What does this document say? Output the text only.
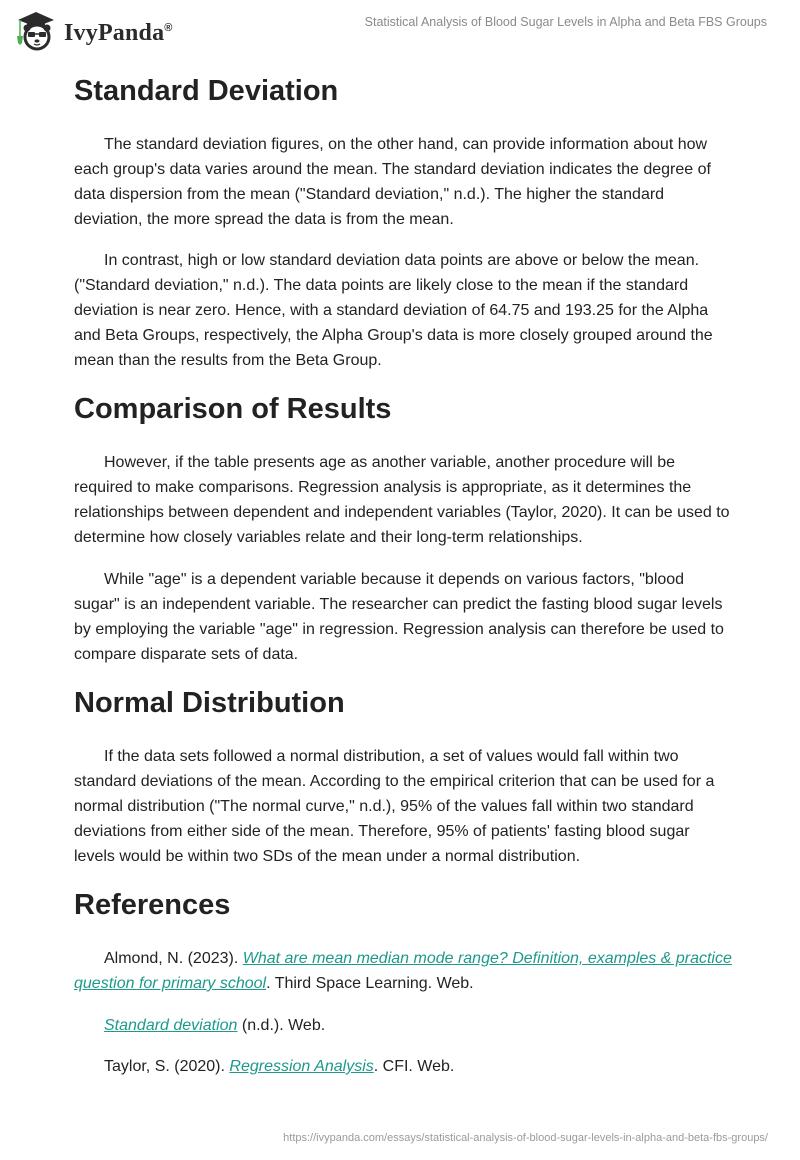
IvyPanda®	Statistical Analysis of Blood Sugar Levels in Alpha and Beta FBS Groups
Standard Deviation

The standard deviation figures, on the other hand, can provide information about how each group's data varies around the mean. The standard deviation indicates the degree of data dispersion from the mean ("Standard deviation," n.d.). The higher the standard deviation, the more spread the data is from the mean.

In contrast, high or low standard deviation data points are above or below the mean. ("Standard deviation," n.d.). The data points are likely close to the mean if the standard deviation is near zero. Hence, with a standard deviation of 64.75 and 193.25 for the Alpha and Beta Groups, respectively, the Alpha Group's data is more closely grouped around the mean than the results from the Beta Group.

Comparison of Results

However, if the table presents age as another variable, another procedure will be required to make comparisons. Regression analysis is appropriate, as it determines the relationships between dependent and independent variables (Taylor, 2020). It can be used to determine how closely variables relate and their long-term relationships.

While "age" is a dependent variable because it depends on various factors, "blood sugar" is an independent variable. The researcher can predict the fasting blood sugar levels by employing the variable "age" in regression. Regression analysis can therefore be used to compare disparate sets of data.

Normal Distribution

If the data sets followed a normal distribution, a set of values would fall within two standard deviations of the mean. According to the empirical criterion that can be used for a normal distribution ("The normal curve," n.d.), 95% of the values fall within two standard deviations from either side of the mean. Therefore, 95% of patients' fasting blood sugar levels would be within two SDs of the mean under a normal distribution.

References

Almond, N. (2023). What are mean median mode range? Definition, examples & practice question for primary school. Third Space Learning. Web.

Standard deviation (n.d.). Web.

Taylor, S. (2020). Regression Analysis. CFI. Web.

https://ivypanda.com/essays/statistical-analysis-of-blood-sugar-levels-in-alpha-and-beta-fbs-groups/
